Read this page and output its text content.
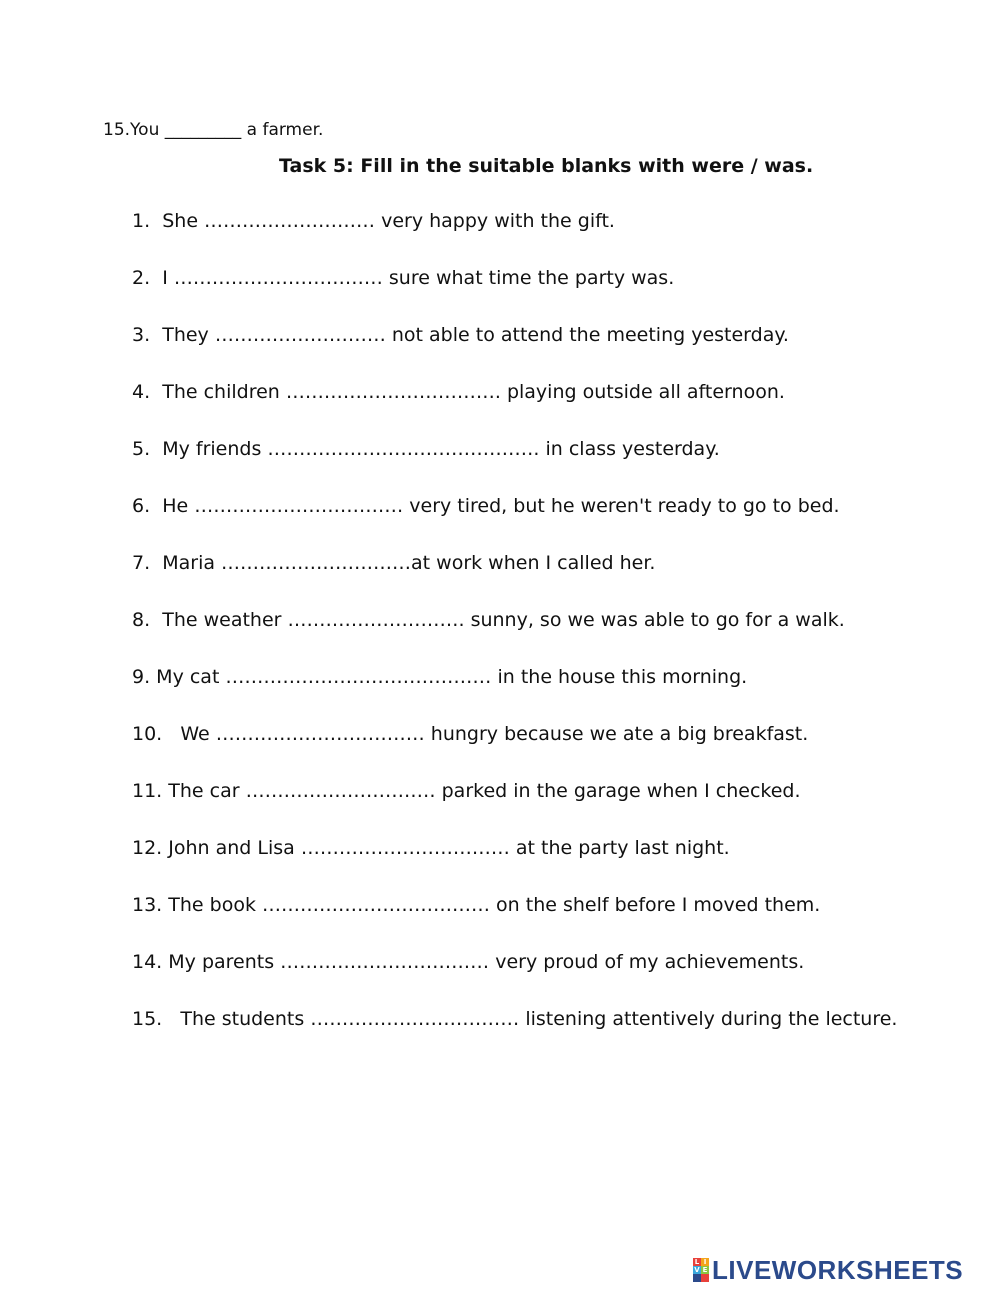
15.You _________ a farmer.
Task 5: Fill in the suitable blanks with were / was.
1.  She ……………………… very happy with the gift.
2.  I …………………………… sure what time the party was.
3.  They ……………………… not able to attend the meeting yesterday.
4.  The children ……………………………. playing outside all afternoon.
5.  My friends ……………………………………. in class yesterday.
6.  He …………………………… very tired, but he weren't ready to go to bed.
7.  Maria …………………………at work when I called her.
8.  The weather ………………………. sunny, so we was able to go for a walk.
9. My cat …………………………………… in the house this morning.
10.   We …………………………… hungry because we ate a big breakfast.
11. The car ………………………… parked in the garage when I checked.
12. John and Lisa …………………………… at the party last night.
13. The book ……………………………… on the shelf before I moved them.
14. My parents …………………………… very proud of my achievements.
15.   The students …………………………… listening attentively during the lecture.
L I
V E LIVEWORKSHEETS
